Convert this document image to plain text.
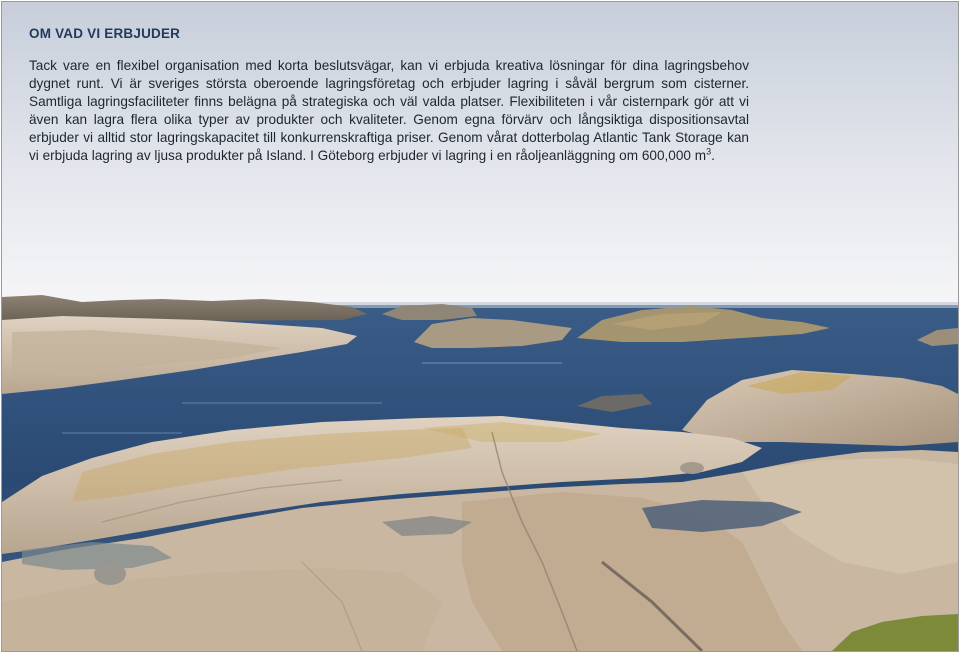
OM VAD VI ERBJUDER

Tack vare en flexibel organisation med korta beslutsvägar, kan vi erbjuda kreativa lösningar för dina lagringsbehov dygnet runt. Vi är sveriges största oberoende lagringsföretag och erbjuder lagring i såväl bergrum som cisterner. Samtliga lagringsfaciliteter finns belägna på strategiska och väl valda platser. Flexibiliteten i vår cisternpark gör att vi även kan lagra flera olika typer av produkter och kvaliteter. Genom egna förvärv och långsiktiga dispositionsavtal erbjuder vi alltid stor lagringskapacitet till konkurrenskraftiga priser. Genom vårat dotterbolag Atlantic Tank Storage kan vi erbjuda lagring av ljusa produkter på Island. I Göteborg erbjuder vi lagring i en råoljeanläggning om 600,000 $m^3$.
